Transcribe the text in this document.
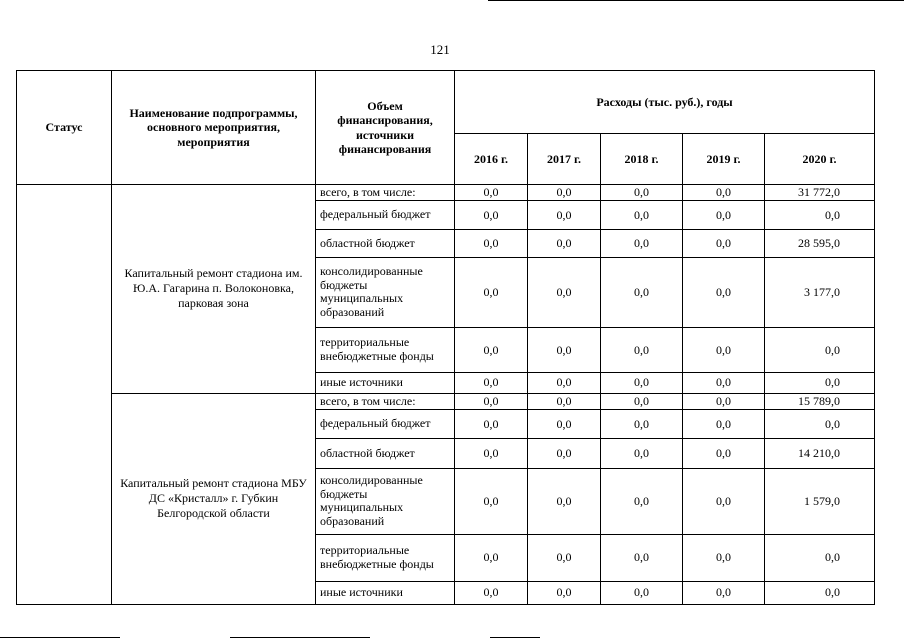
121
Статус	Наименование подпрограммы, основного мероприятия, мероприятия	Объем финансирования, источники финансирования	Расходы (тыс. руб.), годы				
			2016 г.	2017 г.	2018 г.	2019 г.	2020 г.
	Капитальный ремонт стадиона им. Ю.А. Гагарина п. Волоконовка, парковая зона	всего, в том числе:	0,0	0,0	0,0	0,0	31 772,0
		федеральный бюджет	0,0	0,0	0,0	0,0	0,0
		областной бюджет	0,0	0,0	0,0	0,0	28 595,0
		консолидированные бюджеты муниципальных образований	0,0	0,0	0,0	0,0	3 177,0
		территориальные внебюджетные фонды	0,0	0,0	0,0	0,0	0,0
		иные источники	0,0	0,0	0,0	0,0	0,0
	Капитальный ремонт стадиона МБУ ДС «Кристалл» г. Губкин Белгородской области	всего, в том числе:	0,0	0,0	0,0	0,0	15 789,0
		федеральный бюджет	0,0	0,0	0,0	0,0	0,0
		областной бюджет	0,0	0,0	0,0	0,0	14 210,0
		консолидированные бюджеты муниципальных образований	0,0	0,0	0,0	0,0	1 579,0
		территориальные внебюджетные фонды	0,0	0,0	0,0	0,0	0,0
		иные источники	0,0	0,0	0,0	0,0	0,0
